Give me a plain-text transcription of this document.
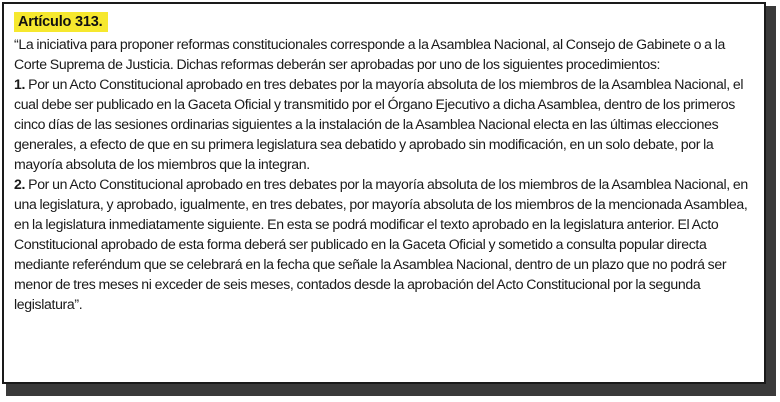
Artículo 313.

“La iniciativa para proponer reformas constitucionales corresponde a la Asamblea Nacional, al Consejo de Gabinete o a la Corte Suprema de Justicia. Dichas reformas deberán ser aprobadas por uno de los siguientes procedimientos:

1. Por un Acto Constitucional aprobado en tres debates por la mayoría absoluta de los miembros de la Asamblea Nacional, el cual debe ser publicado en la Gaceta Oficial y transmitido por el Órgano Ejecutivo a dicha Asamblea, dentro de los primeros cinco días de las sesiones ordinarias siguientes a la instalación de la Asamblea Nacional electa en las últimas elecciones generales, a efecto de que en su primera legislatura sea debatido y aprobado sin modificación, en un solo debate, por la mayoría absoluta de los miembros que la integran.

2. Por un Acto Constitucional aprobado en tres debates por la mayoría absoluta de los miembros de la Asamblea Nacional, en una legislatura, y aprobado, igualmente, en tres debates, por mayoría absoluta de los miembros de la mencionada Asamblea, en la legislatura inmediatamente siguiente. En esta se podrá modificar el texto aprobado en la legislatura anterior. El Acto Constitucional aprobado de esta forma deberá ser publicado en la Gaceta Oficial y sometido a consulta popular directa mediante referéndum que se celebrará en la fecha que señale la Asamblea Nacional, dentro de un plazo que no podrá ser menor de tres meses ni exceder de seis meses, contados desde la aprobación del Acto Constitucional por la segunda legislatura”.
